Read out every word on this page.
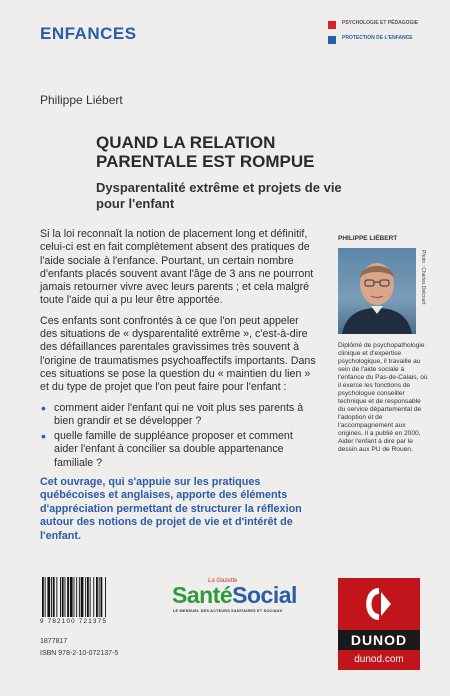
ENFANCES
PSYCHOLOGIE ET PÉDAGOGIE
PROTECTION DE L'ENFANCE
Philippe Liébert
QUAND LA RELATION PARENTALE EST ROMPUE
Dysparentalité extrême et projets de vie pour l'enfant

Si la loi reconnaît la notion de placement long et définitif, celui-ci est en fait complètement absent des pratiques de l'aide sociale à l'enfance. Pourtant, un certain nombre d'enfants placés souvent avant l'âge de 3 ans ne pourront jamais retourner vivre avec leurs parents ; et cela malgré toute l'aide qui a pu leur être apportée.

Ces enfants sont confrontés à ce que l'on peut appeler des situations de « dysparentalité extrême », c'est-à-dire des défaillances parentales gravissimes très souvent à l'origine de traumatismes psychoaffectifs importants. Dans ces situations se pose la question du « maintien du lien » et du type de projet que l'on peut faire pour l'enfant :

• comment aider l'enfant qui ne voit plus ses parents à bien grandir et se développer ?
• quelle famille de suppléance proposer et comment aider l'enfant à concilier sa double appartenance familiale ?
Cet ouvrage, qui s'appuie sur les pratiques québécoises et anglaises, apporte des éléments d'appréciation permettant de structurer la réflexion autour des notions de projet de vie et d'intérêt de l'enfant.
PHILIPPE LIÉBERT
Photo : Charles Delcourt
Diplômé de psychopathologie clinique et d'expertise psychologique, il travaille au sein de l'aide sociale à l'enfance du Pas-de-Calais, où il exerce les fonctions de psychologue conseiller technique et de responsable du service départemental de l'adoption et de l'accompagnement aux origines. Il a publié en 2000, Aider l'enfant à dire par le dessin aux PU de Rouen.
La Gazette
SantéSocial
LE MENSUEL DES ACTEURS SANITAIRES ET SOCIAUX
9 782100 721375
1877817
ISBN 978-2-10-072137-5
DUNOD
dunod.com
